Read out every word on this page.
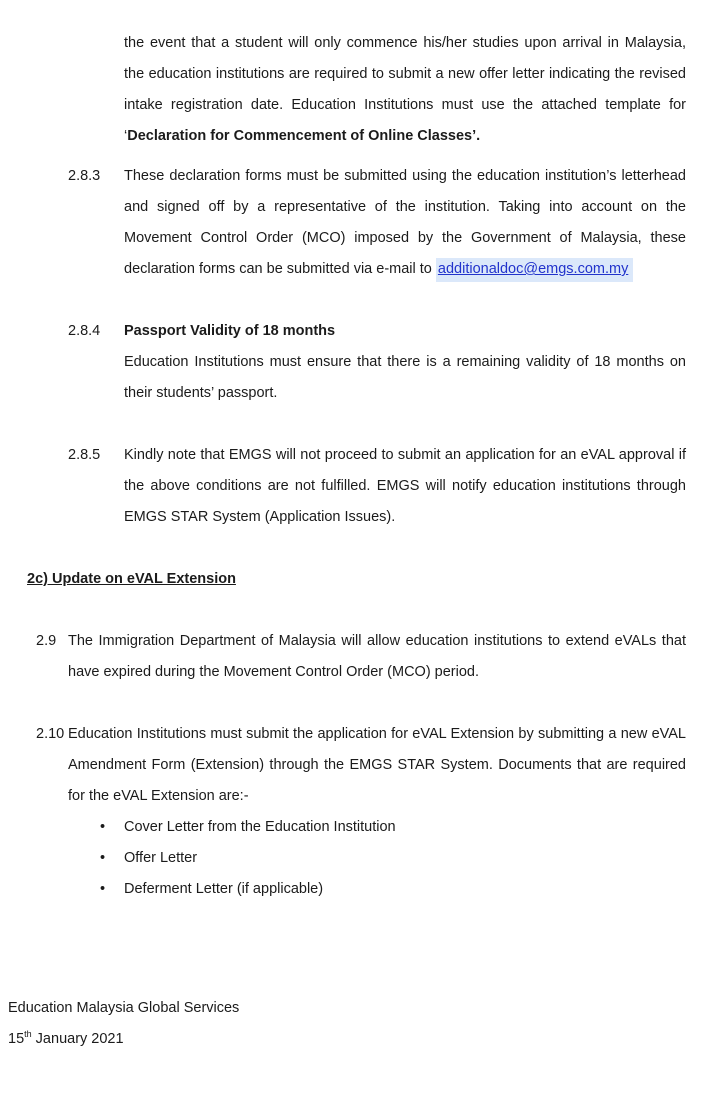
the event that a student will only commence his/her studies upon arrival in Malaysia, the education institutions are required to submit a new offer letter indicating the revised intake registration date. Education Institutions must use the attached template for ‘Declaration for Commencement of Online Classes’.

2.8.3	These declaration forms must be submitted using the education institution’s letterhead and signed off by a representative of the institution. Taking into account on the Movement Control Order (MCO) imposed by the Government of Malaysia, these declaration forms can be submitted via e-mail to additionaldoc@emgs.com.my
2.8.4	Passport Validity of 18 months
Education Institutions must ensure that there is a remaining validity of 18 months on their students’ passport.
2.8.5	Kindly note that EMGS will not proceed to submit an application for an eVAL approval if the above conditions are not fulfilled. EMGS will notify education institutions through EMGS STAR System (Application Issues).
2c) Update on eVAL Extension
2.9 The Immigration Department of Malaysia will allow education institutions to extend eVALs that have expired during the Movement Control Order (MCO) period.
2.10 Education Institutions must submit the application for eVAL Extension by submitting a new eVAL Amendment Form (Extension) through the EMGS STAR System. Documents that are required for the eVAL Extension are:-
•	Cover Letter from the Education Institution
•	Offer Letter
•	Deferment Letter (if applicable)
Education Malaysia Global Services
15th January 2021
